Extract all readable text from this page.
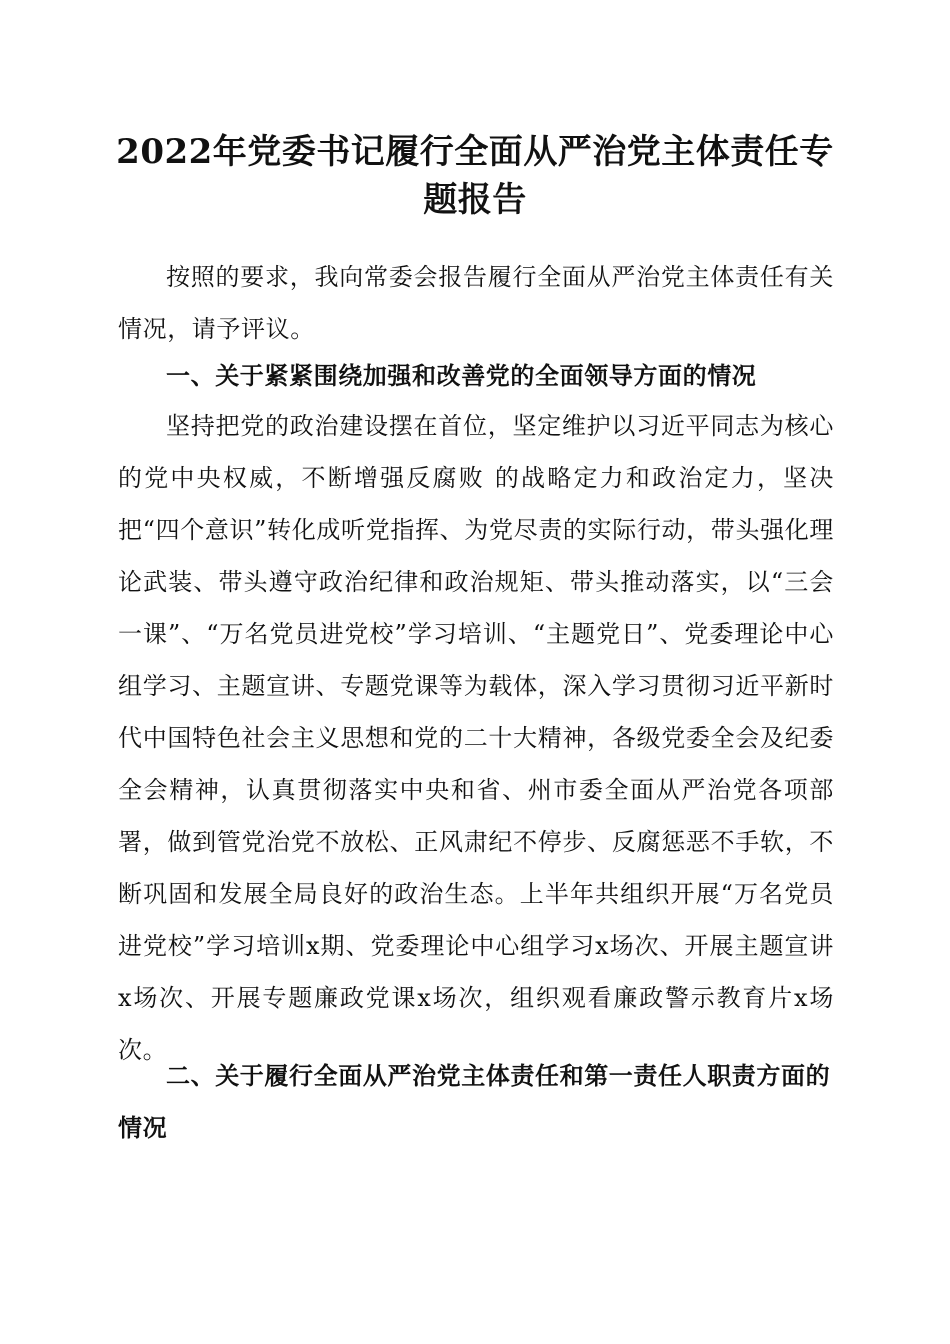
2022年党委书记履行全面从严治党主体责任专题报告
按照的要求，我向常委会报告履行全面从严治党主体责任有关情况，请予评议。
一、关于紧紧围绕加强和改善党的全面领导方面的情况
坚持把党的政治建设摆在首位，坚定维护以习近平同志为核心的党中央权威，不断增强反腐败 的战略定力和政治定力，坚决把“四个意识”转化成听党指挥、为党尽责的实际行动，带头强化理论武装、带头遵守政治纪律和政治规矩、带头推动落实，以“三会一课”、“万名党员进党校”学习培训、“主题党日”、党委理论中心组学习、主题宣讲、专题党课等为载体，深入学习贯彻习近平新时代中国特色社会主义思想和党的二十大精神，各级党委全会及纪委全会精神，认真贯彻落实中央和省、州市委全面从严治党各项部署，做到管党治党不放松、正风肃纪不停步、反腐惩恶不手软，不断巩固和发展全局良好的政治生态。上半年共组织开展“万名党员进党校”学习培训x期、党委理论中心组学习x场次、开展主题宣讲x场次、开展专题廉政党课x场次，组织观看廉政警示教育片x场次。
二、关于履行全面从严治党主体责任和第一责任人职责方面的情况
